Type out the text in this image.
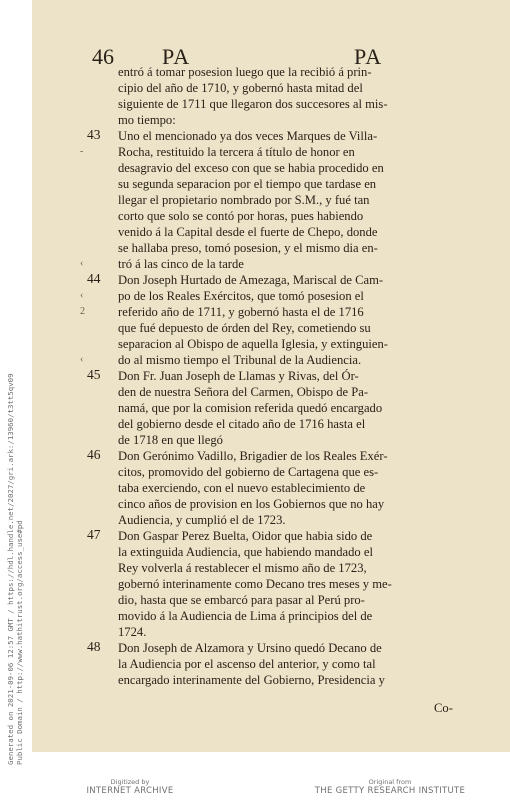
46 PA	PA
entró á tomar posesion luego que la recibió á prin-
cipio del año de 1710, y gobernó hasta mitad del
siguiente de 1711 que llegaron dos succesores al mis-
mo tiempo:
43 Uno el mencionado ya dos veces Marques de Villa-
Rocha, restituido la tercera á título de honor en
desagravio del exceso con que se habia procedido en
su segunda separacion por el tiempo que tardase en
llegar el propietario nombrado por S.M., y fué tan
corto que solo se contó por horas, pues habiendo
venido á la Capital desde el fuerte de Chepo, donde
se hallaba preso, tomó posesion, y el mismo dia en-
tró á las cinco de la tarde
44 Don Joseph Hurtado de Amezaga, Mariscal de Cam-
po de los Reales Exércitos, que tomó posesion el
referido año de 1711, y gobernó hasta el de 1716
que fué depuesto de órden del Rey, cometiendo su
separacion al Obispo de aquella Iglesia, y extinguien-
do al mismo tiempo el Tribunal de la Audiencia.
45 Don Fr. Juan Joseph de Llamas y Rivas, del Ór-
den de nuestra Señora del Carmen, Obispo de Pa-
namá, que por la comision referida quedó encargado
del gobierno desde el citado año de 1716 hasta el
de 1718 en que llegó
46 Don Gerónimo Vadillo, Brigadier de los Reales Exér-
citos, promovido del gobierno de Cartagena que es-
taba exerciendo, con el nuevo establecimiento de
cinco años de provision en los Gobiernos que no hay
Audiencia, y cumplió el de 1723.
47 Don Gaspar Perez Buelta, Oidor que habia sido de
la extinguida Audiencia, que habiendo mandado el
Rey volverla á restablecer el mismo año de 1723,
gobernó interinamente como Decano tres meses y me-
dio, hasta que se embarcó para pasar al Perú pro-
movido á la Audiencia de Lima á principios del de
1724.
48 Don Joseph de Alzamora y Ursino quedó Decano de
la Audiencia por el ascenso del anterior, y como tal
encargado interinamente del Gobierno, Presidencia y
Co-
-
‹
‹
2
‹
Generated on 2021-09-06 12:57 GMT / https://hdl.handle.net/2027/gri.ark:/13960/t3tt5qv09 Public Domain / http://www.hathitrust.org/access_use#pd
Digitized by
INTERNET ARCHIVE
Original from
THE GETTY RESEARCH INSTITUTE
